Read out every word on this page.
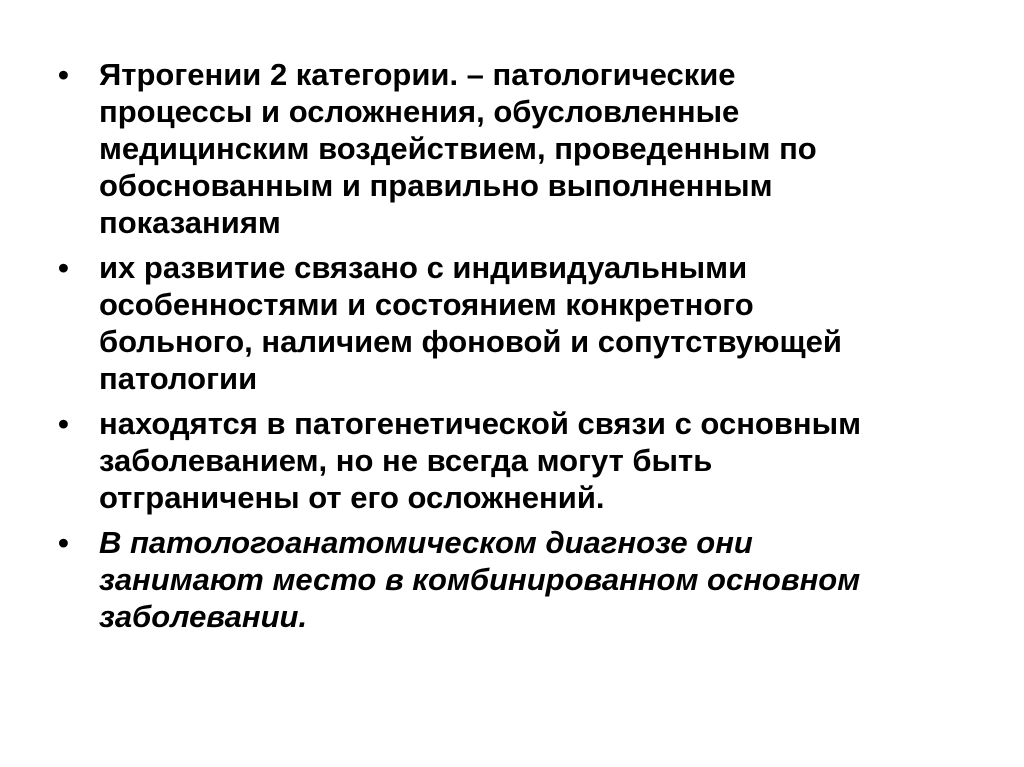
• Ятрогении 2 категории. – патологические
процессы и осложнения, обусловленные
медицинским воздействием, проведенным по
обоснованным и правильно выполненным
показаниям
• их развитие связано с индивидуальными
особенностями и состоянием конкретного
больного, наличием фоновой и сопутствующей
патологии
• находятся в патогенетической связи с основным
заболеванием, но не всегда могут быть
отграничены от его осложнений.
• В патологоанатомическом диагнозе они
занимают место в комбинированном основном
заболевании.
